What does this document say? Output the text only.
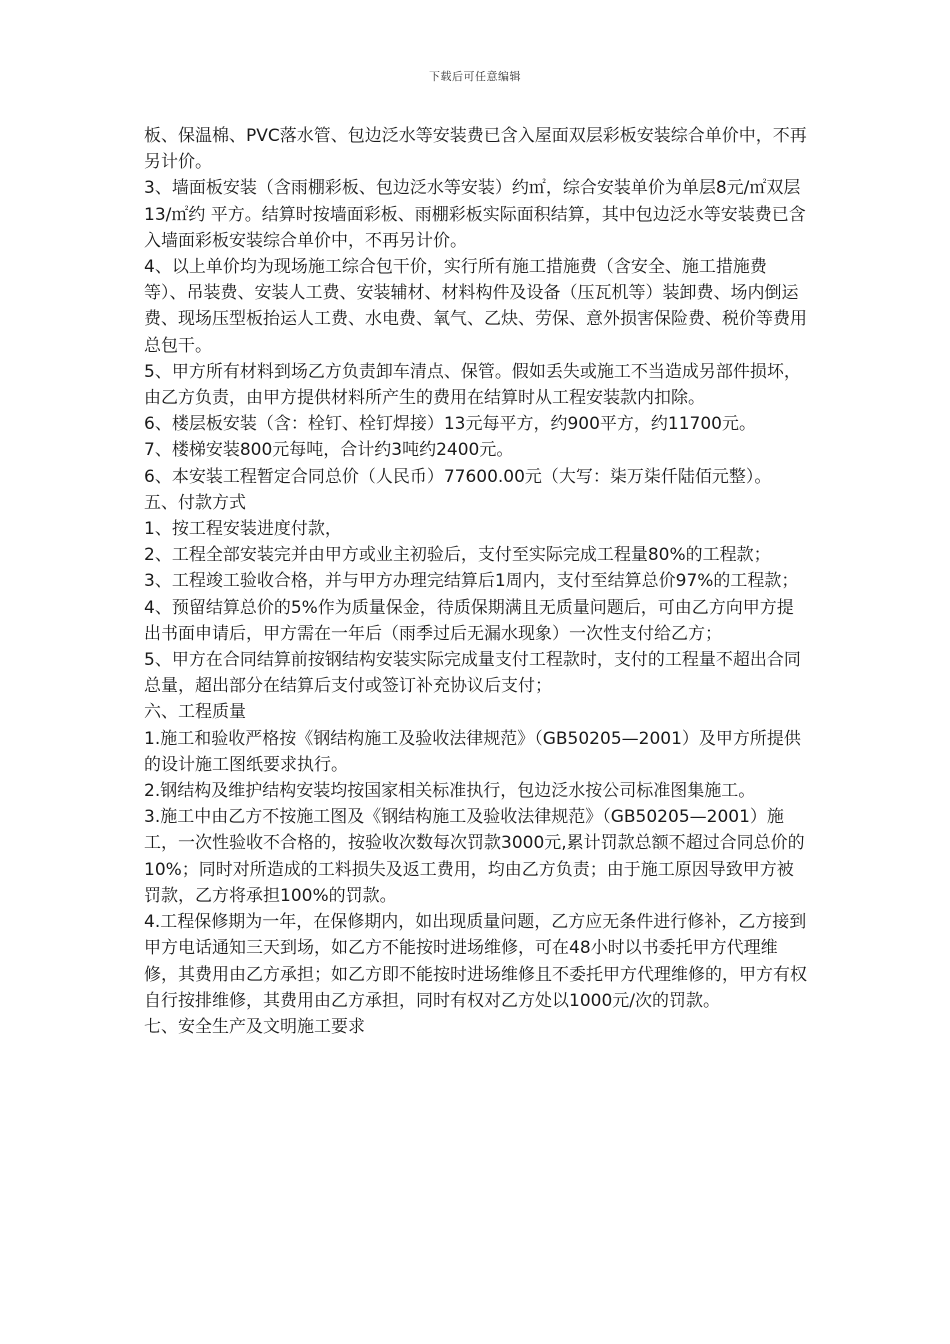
下载后可任意编辑

板、保温棉、PVC落水管、包边泛水等安装费已含入屋面双层彩板安装综合单价中，不再另计价。

3、墙面板安装（含雨棚彩板、包边泛水等安装）约㎡，综合安装单价为单层8元/㎡双层13/㎡约 平方。结算时按墙面彩板、雨棚彩板实际面积结算，其中包边泛水等安装费已含入墙面彩板安装综合单价中，不再另计价。

4、以上单价均为现场施工综合包干价，实行所有施工措施费（含安全、施工措施费等）、吊装费、安装人工费、安装辅材、材料构件及设备（压瓦机等）装卸费、场内倒运费、现场压型板抬运人工费、水电费、氧气、乙炔、劳保、意外损害保险费、税价等费用总包干。

5、甲方所有材料到场乙方负责卸车清点、保管。假如丢失或施工不当造成另部件损坏，由乙方负责，由甲方提供材料所产生的费用在结算时从工程安装款内扣除。

6、楼层板安装（含：栓钉、栓钉焊接）13元每平方，约900平方，约11700元。

7、楼梯安装800元每吨，合计约3吨约2400元。

6、本安装工程暂定合同总价（人民币）77600.00元（大写：柒万柒仟陆佰元整）。

五、付款方式

1、按工程安装进度付款，

2、工程全部安装完并由甲方或业主初验后，支付至实际完成工程量80%的工程款；

3、工程竣工验收合格，并与甲方办理完结算后1周内，支付至结算总价97%的工程款；

4、预留结算总价的5%作为质量保金，待质保期满且无质量问题后，可由乙方向甲方提出书面申请后，甲方需在一年后（雨季过后无漏水现象）一次性支付给乙方；

5、甲方在合同结算前按钢结构安装实际完成量支付工程款时，支付的工程量不超出合同总量，超出部分在结算后支付或签订补充协议后支付；

六、工程质量

1.施工和验收严格按《钢结构施工及验收法律规范》（GB50205—2001）及甲方所提供的设计施工图纸要求执行。

2.钢结构及维护结构安装均按国家相关标准执行，包边泛水按公司标准图集施工。

3.施工中由乙方不按施工图及《钢结构施工及验收法律规范》（GB50205—2001）施工，一次性验收不合格的，按验收次数每次罚款3000元,累计罚款总额不超过合同总价的10%；同时对所造成的工料损失及返工费用，均由乙方负责；由于施工原因导致甲方被罚款，乙方将承担100%的罚款。

4.工程保修期为一年，在保修期内，如出现质量问题，乙方应无条件进行修补，乙方接到甲方电话通知三天到场，如乙方不能按时进场维修，可在48小时以书委托甲方代理维修，其费用由乙方承担；如乙方即不能按时进场维修且不委托甲方代理维修的，甲方有权自行按排维修，其费用由乙方承担，同时有权对乙方处以1000元/次的罚款。

七、安全生产及文明施工要求
